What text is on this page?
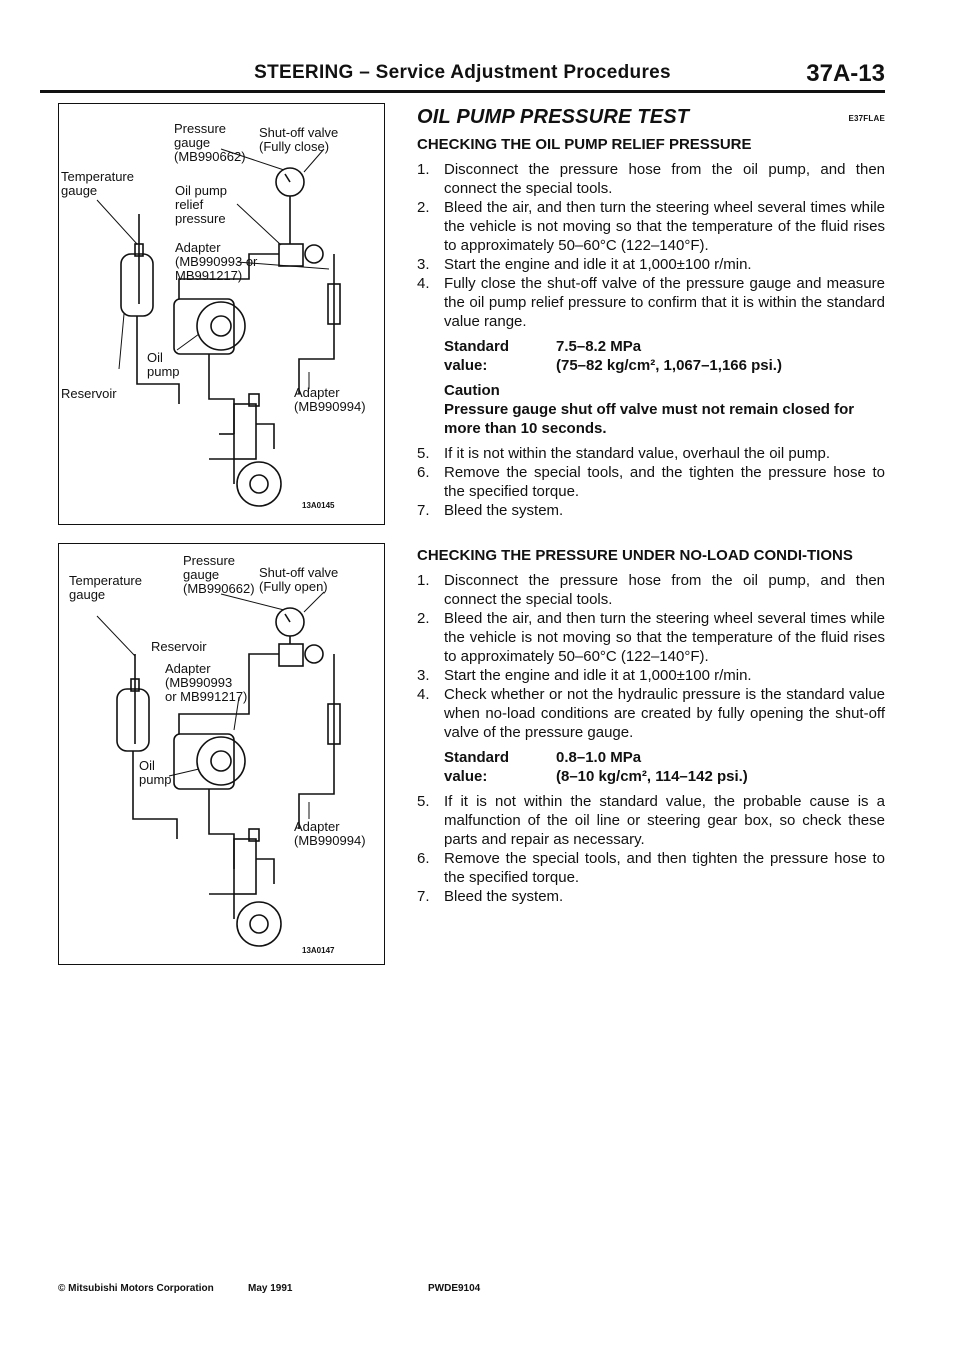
STEERING – Service Adjustment Procedures	37A-13
Pressure
gauge
(MB990662)
Shut-off valve
(Fully close)
Temperature
gauge	Oil pump
relief
pressure
Adapter
(MB990993 or
MB991217)
Oil
pump
Reservoir	Adapter
(MB990994)
13A0145
Pressure
gauge
(MB990662)
Shut-off valve
(Fully open)
Temperature
gauge
Reservoir
Adapter
(MB990993
or MB991217)
Oil
pump
Adapter
(MB990994)
13A0147
OIL PUMP PRESSURE TEST	E37FLAE
CHECKING THE OIL PUMP RELIEF PRESSURE
1. Disconnect the pressure hose from the oil pump, and then connect the special tools.
2. Bleed the air, and then turn the steering wheel several times while the vehicle is not moving so that the temperature of the fluid rises to approximately 50–60°C (122–140°F).
3. Start the engine and idle it at 1,000±100 r/min.
4. Fully close the shut-off valve of the pressure gauge and measure the oil pump relief pressure to confirm that it is within the standard value range.
Standard value:
7.5–8.2 MPa
(75–82 kg/cm², 1,067–1,166 psi.)
Caution
Pressure gauge shut off valve must not remain closed for more than 10 seconds.
5. If it is not within the standard value, overhaul the oil pump.
6. Remove the special tools, and the tighten the pressure hose to the specified torque.
7. Bleed the system.
CHECKING THE PRESSURE UNDER NO-LOAD CONDI-TIONS
1. Disconnect the pressure hose from the oil pump, and then connect the special tools.
2. Bleed the air, and then turn the steering wheel several times while the vehicle is not moving so that the temperature of the fluid rises to approximately 50–60°C (122–140°F).
3. Start the engine and idle it at 1,000±100 r/min.
4. Check whether or not the hydraulic pressure is the standard value when no-load conditions are created by fully opening the shut-off valve of the pressure gauge.
Standard value:
0.8–1.0 MPa
(8–10 kg/cm², 114–142 psi.)
5. If it is not within the standard value, the probable cause is a malfunction of the oil line or steering gear box, so check these parts and repair as necessary.
6. Remove the special tools, and then tighten the pressure hose to the specified torque.
7. Bleed the system.
© Mitsubishi Motors Corporation	May 1991	PWDE9104
